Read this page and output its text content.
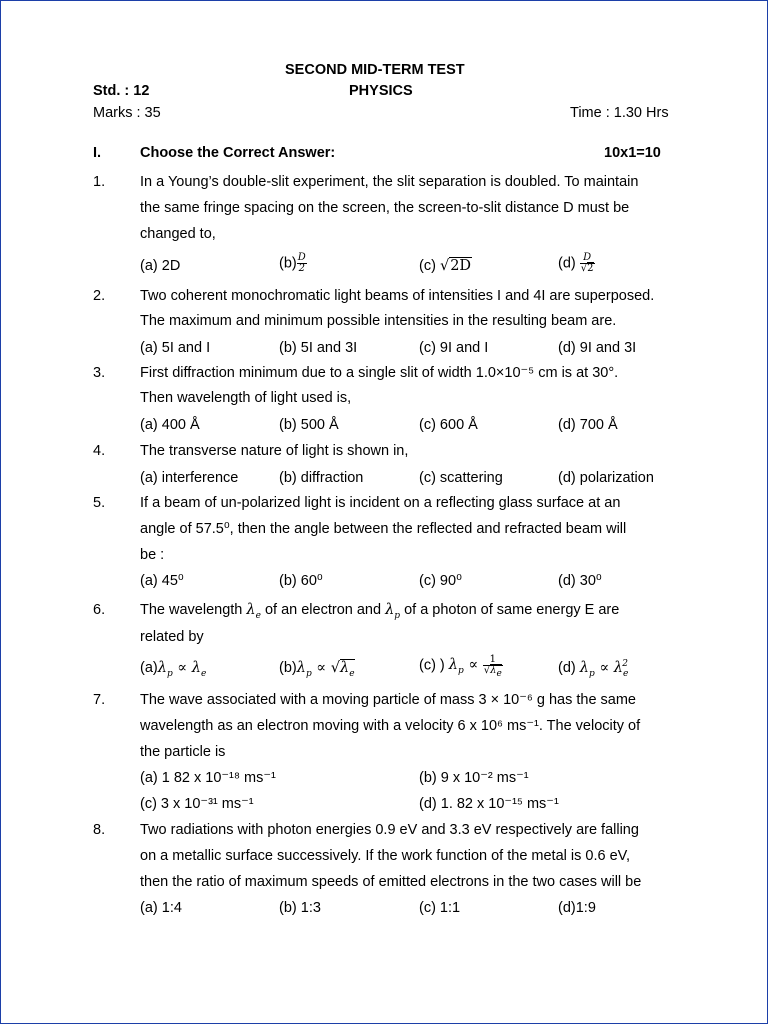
SECOND MID-TERM TEST
Std. : 12	PHYSICS
Marks : 35	Time : 1.30 Hrs
I.	Choose the Correct Answer:	10x1=10
1. In a Young’s double-slit experiment, the slit separation is doubled. To maintain
the same fringe spacing on the screen, the screen-to-slit distance D must be
changed to,
(a) 2D	$(b) \frac{D}{2}$	(c) √2D	$(d) \frac{D}{√2}$
2. Two coherent monochromatic light beams of intensities I and 4I are superposed.
The maximum and minimum possible intensities in the resulting beam are.
(a) 5I and I	(b) 5I and 3I	(c) 9I and I	(d) 9I and 3I
3. First diffraction minimum due to a single slit of width 1.0×10⁻⁵ cm is at 30°.
Then wavelength of light used is,
(a) 400 Å	(b) 500 Å	(c) 600 Å	(d) 700 Å
4. The transverse nature of light is shown in,
(a) interference	(b) diffraction	(c) scattering	(d) polarization
5. If a beam of un-polarized light is incident on a reflecting glass surface at an
angle of 57.5⁰, then the angle between the reflected and refracted beam will
be :
(a) 45⁰	(b) 60⁰	(c) 90⁰	(d) 30⁰
6. The wavelength $\lambda_e$ of an electron and $\lambda_p$ of a photon of same energy E are
related by
$(a)\lambda_p \propto \lambda_e$	$(b)\lambda_p \propto √\lambda_e$
(c) ) $\lambda_p \propto \frac{1}{√\lambda_e}$	(d) $\lambda_p \propto \lambda_e^2$
7. The wave associated with a moving particle of mass 3 × 10⁻⁶ g has the same
wavelength as an electron moving with a velocity 6 x 10⁶ ms⁻¹. The velocity of
the particle is
(a) 1 82 x 10⁻¹⁸ ms⁻¹	(b) 9 x 10⁻² ms⁻¹
(c) 3 x 10⁻³¹ ms⁻¹	(d) 1. 82 x 10⁻¹⁵ ms⁻¹
8. Two radiations with photon energies 0.9 eV and 3.3 eV respectively are falling
on a metallic surface successively. If the work function of the metal is 0.6 eV,
then the ratio of maximum speeds of emitted electrons in the two cases will be
(a) 1:4	(b) 1:3	(c) 1:1	(d)1:9
